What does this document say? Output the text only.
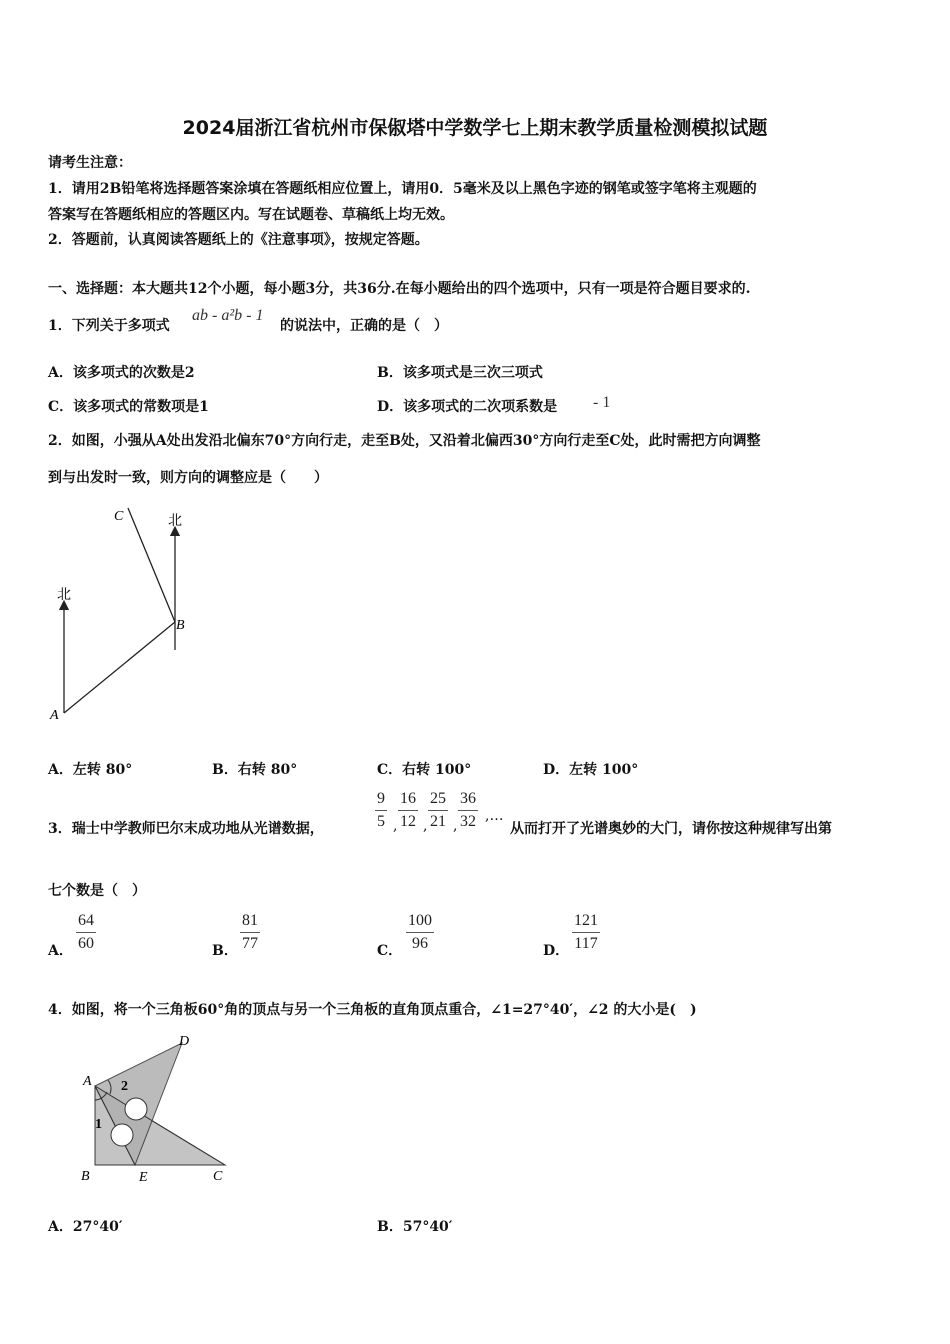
2024届浙江省杭州市保俶塔中学数学七上期末教学质量检测模拟试题
请考生注意：
1．请用2B铅笔将选择题答案涂填在答题纸相应位置上，请用0．5毫米及以上黑色字迹的钢笔或签字笔将主观题的
答案写在答题纸相应的答题区内。写在试题卷、草稿纸上均无效。
2．答题前，认真阅读答题纸上的《注意事项》，按规定答题。
一、选择题：本大题共12个小题，每小题3分，共36分.在每小题给出的四个选项中，只有一项是符合题目要求的.
1．下列关于多项式
ab - a²b - 1
的说法中，正确的是（　）
A．该多项式的次数是2	B．该多项式是三次三项式
C．该多项式的常数项是1	D．该多项式的二次项系数是 - 1
2．如图，小强从A处出发沿北偏东70°方向行走，走至B处，又沿着北偏西30°方向行走至C处，此时需把方向调整
到与出发时一致，则方向的调整应是（　　）
北
北
A
B
C
A．左转 80°	B．右转 80°	C．右转 100°	D．左转 100°
3．瑞士中学教师巴尔末成功地从光谱数据，	$\frac{9}{5}$ , $\frac{16}{12}$ , $\frac{25}{21}$ , $\frac{36}{32}$ ,…
从而打开了光谱奥妙的大门，请你按这种规律写出第
七个数是（　）
A． $\frac{64}{60}$	B． $\frac{81}{77}$	C． $\frac{100}{96}$	D． $\frac{121}{117}$
4．如图，将一个三角板60°角的顶点与另一个三角板的直角顶点重合，∠1=27°40′，∠2 的大小是(　)
A
B	C
D
E
1
2
A．27°40′	B．57°40′
